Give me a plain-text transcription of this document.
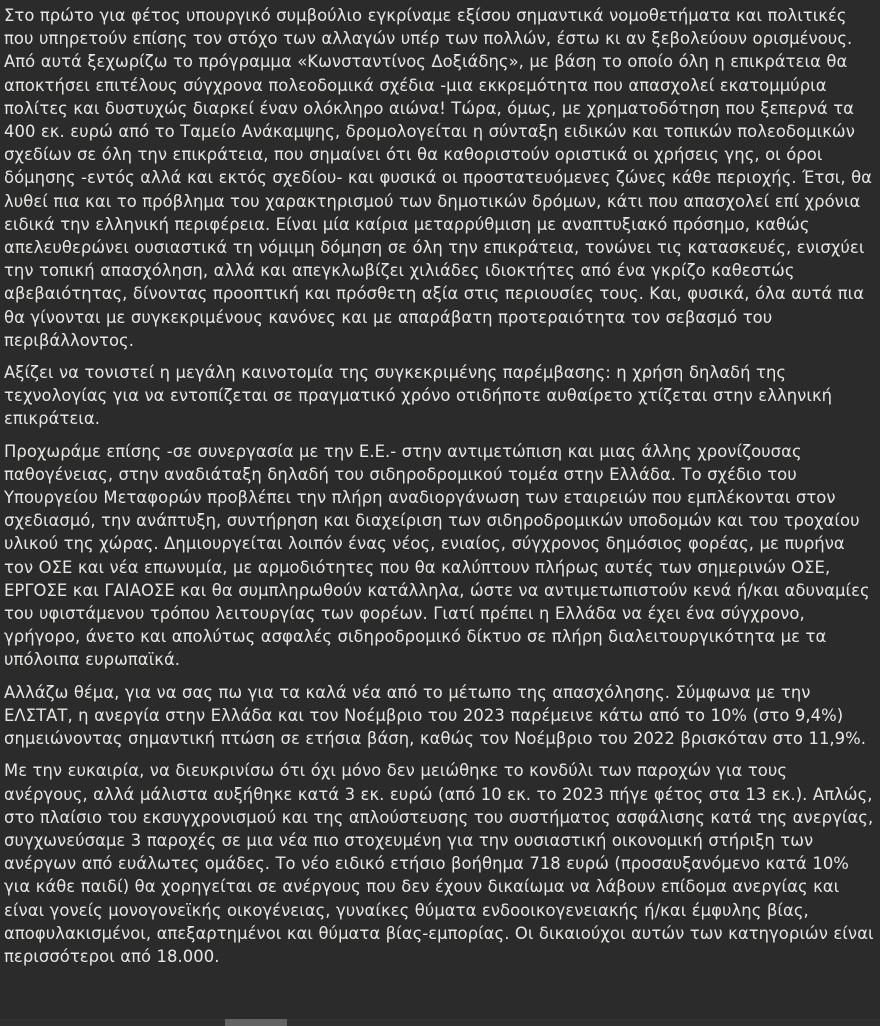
Στο πρώτο για φέτος υπουργικό συμβούλιο εγκρίναμε εξίσου σημαντικά νομοθετήματα και πολιτικές που υπηρετούν επίσης τον στόχο των αλλαγών υπέρ των πολλών, έστω κι αν ξεβολεύουν ορισμένους. Από αυτά ξεχωρίζω το πρόγραμμα «Κωνσταντίνος Δοξιάδης», με βάση το οποίο όλη η επικράτεια θα αποκτήσει επιτέλους σύγχρονα πολεοδομικά σχέδια -μια εκκρεμότητα που απασχολεί εκατομμύρια πολίτες και δυστυχώς διαρκεί έναν ολόκληρο αιώνα! Τώρα, όμως, με χρηματοδότηση που ξεπερνά τα 400 εκ. ευρώ από το Ταμείο Ανάκαμψης, δρομολογείται η σύνταξη ειδικών και τοπικών πολεοδομικών σχεδίων σε όλη την επικράτεια, που σημαίνει ότι θα καθοριστούν οριστικά οι χρήσεις γης, οι όροι δόμησης -εντός αλλά και εκτός σχεδίου- και φυσικά οι προστατευόμενες ζώνες κάθε περιοχής. Έτσι, θα λυθεί πια και το πρόβλημα του χαρακτηρισμού των δημοτικών δρόμων, κάτι που απασχολεί επί χρόνια ειδικά την ελληνική περιφέρεια. Είναι μία καίρια μεταρρύθμιση με αναπτυξιακό πρόσημο, καθώς απελευθερώνει ουσιαστικά τη νόμιμη δόμηση σε όλη την επικράτεια, τονώνει τις κατασκευές, ενισχύει την τοπική απασχόληση, αλλά και απεγκλωβίζει χιλιάδες ιδιοκτήτες από ένα γκρίζο καθεστώς αβεβαιότητας, δίνοντας προοπτική και πρόσθετη αξία στις περιουσίες τους. Και, φυσικά, όλα αυτά πια θα γίνονται με συγκεκριμένους κανόνες και με απαράβατη προτεραιότητα τον σεβασμό του περιβάλλοντος.

Αξίζει να τονιστεί η μεγάλη καινοτομία της συγκεκριμένης παρέμβασης: η χρήση δηλαδή της τεχνολογίας για να εντοπίζεται σε πραγματικό χρόνο οτιδήποτε αυθαίρετο χτίζεται στην ελληνική επικράτεια.

Προχωράμε επίσης -σε συνεργασία με την Ε.Ε.- στην αντιμετώπιση και μιας άλλης χρονίζουσας παθογένειας, στην αναδιάταξη δηλαδή του σιδηροδρομικού τομέα στην Ελλάδα. Το σχέδιο του Υπουργείου Μεταφορών προβλέπει την πλήρη αναδιοργάνωση των εταιρειών που εμπλέκονται στον σχεδιασμό, την ανάπτυξη, συντήρηση και διαχείριση των σιδηροδρομικών υποδομών και του τροχαίου υλικού της χώρας. Δημιουργείται λοιπόν ένας νέος, ενιαίος, σύγχρονος δημόσιος φορέας, με πυρήνα τον ΟΣΕ και νέα επωνυμία, με αρμοδιότητες που θα καλύπτουν πλήρως αυτές των σημερινών ΟΣΕ, ΕΡΓΟΣΕ και ΓΑΙΑΟΣΕ και θα συμπληρωθούν κατάλληλα, ώστε να αντιμετωπιστούν κενά ή/και αδυναμίες του υφιστάμενου τρόπου λειτουργίας των φορέων. Γιατί πρέπει η Ελλάδα να έχει ένα σύγχρονο, γρήγορο, άνετο και απολύτως ασφαλές σιδηροδρομικό δίκτυο σε πλήρη διαλειτουργικότητα με τα υπόλοιπα ευρωπαϊκά.

Αλλάζω θέμα, για να σας πω για τα καλά νέα από το μέτωπο της απασχόλησης. Σύμφωνα με την ΕΛΣΤΑΤ, η ανεργία στην Ελλάδα και τον Νοέμβριο του 2023 παρέμεινε κάτω από το 10% (στο 9,4%) σημειώνοντας σημαντική πτώση σε ετήσια βάση, καθώς τον Νοέμβριο του 2022 βρισκόταν στο 11,9%.

Με την ευκαιρία, να διευκρινίσω ότι όχι μόνο δεν μειώθηκε το κονδύλι των παροχών για τους ανέργους, αλλά μάλιστα αυξήθηκε κατά 3 εκ. ευρώ (από 10 εκ. το 2023 πήγε φέτος στα 13 εκ.). Απλώς, στο πλαίσιο του εκσυγχρονισμού και της απλούστευσης του συστήματος ασφάλισης κατά της ανεργίας, συγχωνεύσαμε 3 παροχές σε μια νέα πιο στοχευμένη για την ουσιαστική οικονομική στήριξη των ανέργων από ευάλωτες ομάδες. Το νέο ειδικό ετήσιο βοήθημα 718 ευρώ (προσαυξανόμενο κατά 10% για κάθε παιδί) θα χορηγείται σε ανέργους που δεν έχουν δικαίωμα να λάβουν επίδομα ανεργίας και είναι γονείς μονογονεϊκής οικογένειας, γυναίκες θύματα ενδοοικογενειακής ή/και έμφυλης βίας, αποφυλακισμένοι, απεξαρτημένοι και θύματα βίας-εμπορίας. Οι δικαιούχοι αυτών των κατηγοριών είναι περισσότεροι από 18.000.
